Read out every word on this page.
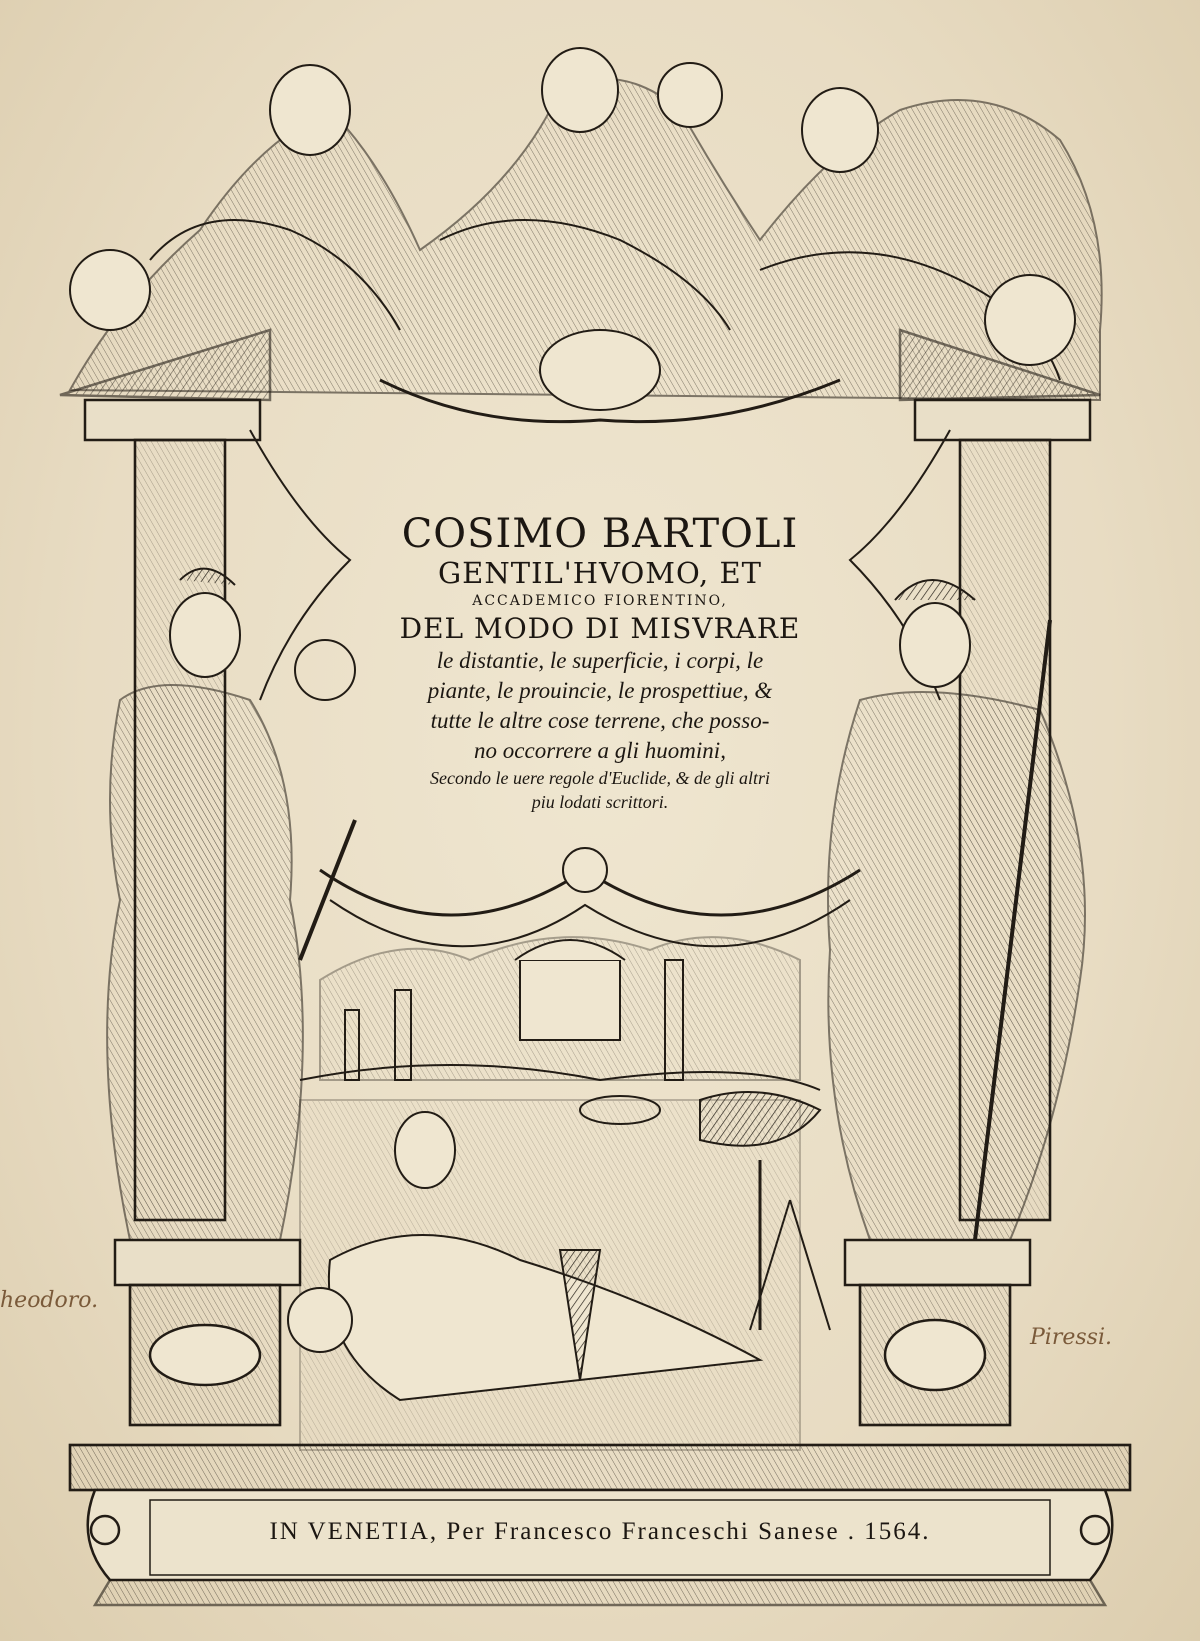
COSIMO BARTOLI
GENTIL'HVOMO, ET
ACCADEMICO FIORENTINO,
DEL MODO DI MISVRARE
le distantie, le superficie, i corpi, le
piante, le prouincie, le prospettiue, &
tutte le altre cose terrene, che posso-
no occorrere a gli huomini,
Secondo le uere regole d'Euclide, & de gli altri
piu lodati scrittori.
IN VENETIA, Per Francesco Franceschi Sanese . 1564.
heodoro.
Piressi.
